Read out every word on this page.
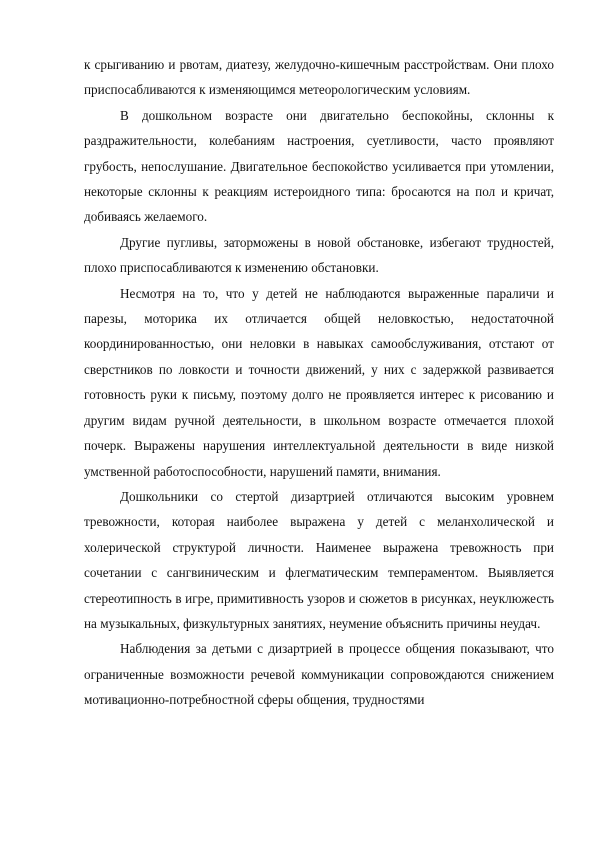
к срыгиванию и рвотам, диатезу, желудочно-кишечным расстройствам. Они плохо приспосабливаются к изменяющимся метеорологическим условиям.

В дошкольном возрасте они двигательно беспокойны, склонны к раздражительности, колебаниям настроения, суетливости, часто проявляют грубость, непослушание. Двигательное беспокойство усиливается при утомлении, некоторые склонны к реакциям истероидного типа: бросаются на пол и кричат, добиваясь желаемого.

Другие пугливы, заторможены в новой обстановке, избегают трудностей, плохо приспосабливаются к изменению обстановки.

Несмотря на то, что у детей не наблюдаются выраженные параличи и парезы, моторика их отличается общей неловкостью, недостаточной координированностью, они неловки в навыках самообслуживания, отстают от сверстников по ловкости и точности движений, у них с задержкой развивается готовность руки к письму, поэтому долго не проявляется интерес к рисованию и другим видам ручной деятельности, в школьном возрасте отмечается плохой почерк. Выражены нарушения интеллектуальной деятельности в виде низкой умственной работоспособности, нарушений памяти, внимания.

Дошкольники со стертой дизартрией отличаются высоким уровнем тревожности, которая наиболее выражена у детей с меланхолической и холерической структурой личности. Наименее выражена тревожность при сочетании с сангвиническим и флегматическим темпераментом. Выявляется стереотипность в игре, примитивность узоров и сюжетов в рисунках, неуклюжесть на музыкальных, физкультурных занятиях, неумение объяснить причины неудач.

Наблюдения за детьми с дизартрией в процессе общения показывают, что ограниченные возможности речевой коммуникации сопровождаются снижением мотивационно-потребностной сферы общения, трудностями
